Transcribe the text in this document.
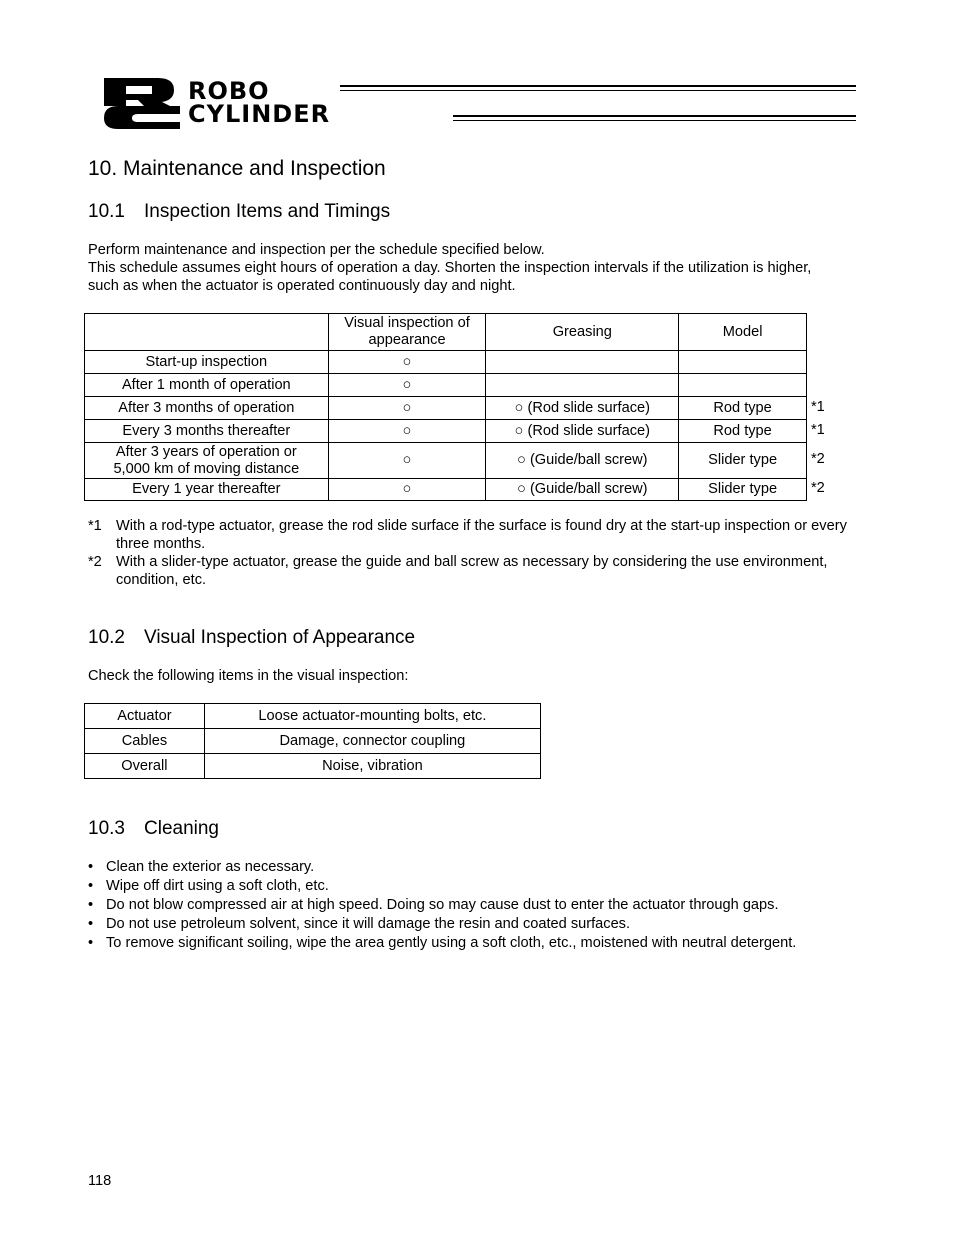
ROBO
CYLINDER
10. Maintenance and Inspection
10.1 Inspection Items and Timings
Perform maintenance and inspection per the schedule specified below.
This schedule assumes eight hours of operation a day. Shorten the inspection intervals if the utilization is higher,
such as when the actuator is operated continuously day and night.
	Visual inspection of appearance	Greasing	Model
Start-up inspection	○		
After 1 month of operation	○		
After 3 months of operation	○	○ (Rod slide surface)	Rod type
Every 3 months thereafter	○	○ (Rod slide surface)	Rod type
After 3 years of operation or 5,000 km of moving distance	○	○ (Guide/ball screw)	Slider type
Every 1 year thereafter	○	○ (Guide/ball screw)	Slider type
*1
*1
*2
*2
*1 With a rod-type actuator, grease the rod slide surface if the surface is found dry at the start-up inspection or every three months.
*2 With a slider-type actuator, grease the guide and ball screw as necessary by considering the use environment, condition, etc.
10.2 Visual Inspection of Appearance
Check the following items in the visual inspection:
Actuator	Loose actuator-mounting bolts, etc.
Cables	Damage, connector coupling
Overall	Noise, vibration
10.3 Cleaning
• Clean the exterior as necessary.
• Wipe off dirt using a soft cloth, etc.
• Do not blow compressed air at high speed. Doing so may cause dust to enter the actuator through gaps.
• Do not use petroleum solvent, since it will damage the resin and coated surfaces.
• To remove significant soiling, wipe the area gently using a soft cloth, etc., moistened with neutral detergent.
118
